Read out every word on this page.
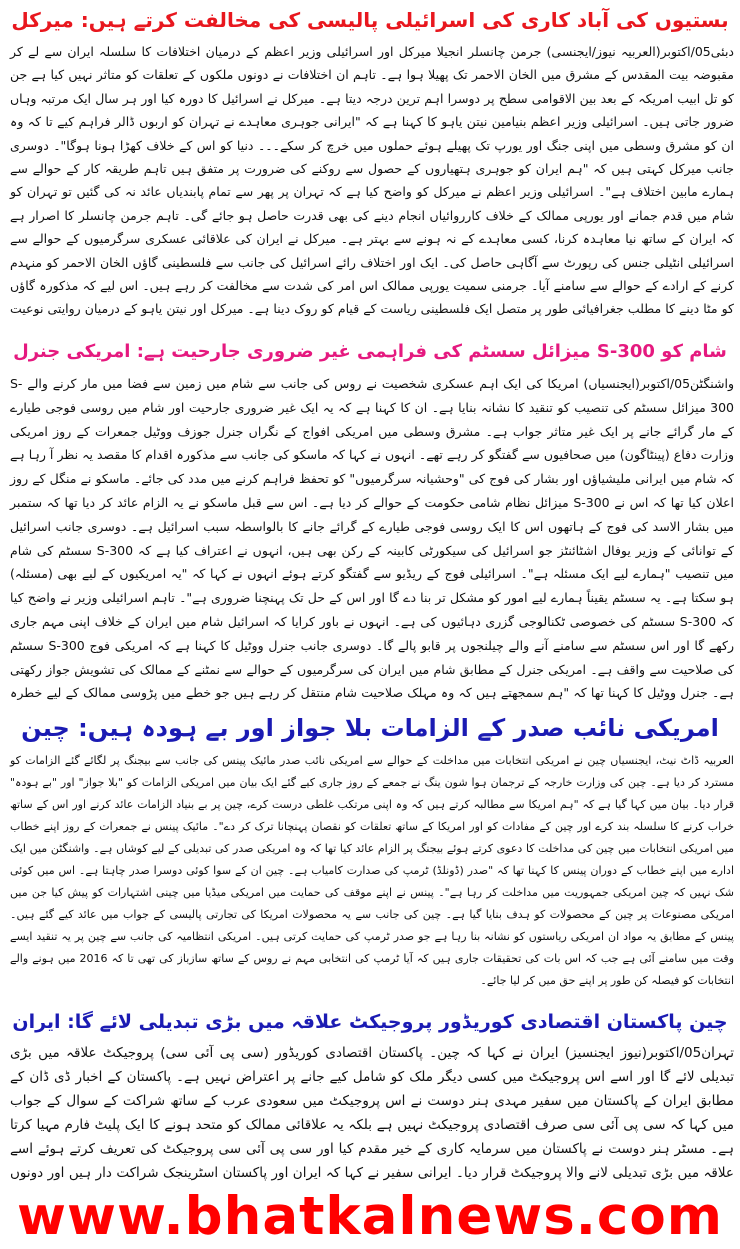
بستیوں کی آباد کاری کی اسرائیلی پالیسی کی مخالفت کرتے ہیں: میرکل

دبئی05/اکتوبر(العربیہ نیوز/ایجنسی) جرمن چانسلر انجیلا میرکل اور اسرائیلی وزیر اعظم کے درمیان اختلافات کا سلسلہ ایران سے لے کر مقبوضہ بیت المقدس کے مشرق میں الخان الاحمر تک پھیلا ہوا ہے۔ تاہم ان اختلافات نے دونوں ملکوں کے تعلقات کو متاثر نہیں کیا ہے جن کو تل ابیب امریکہ کے بعد بین الاقوامی سطح پر دوسرا اہم ترین درجہ دیتا ہے۔ میرکل نے اسرائیل کا دورہ کیا اور ہر سال ایک مرتبہ وہاں ضرور جاتی ہیں۔ اسرائیلی وزیر اعظم بنیامین نیتن یاہو کا کہنا ہے کہ "ایرانی جوہری معاہدے نے تہران کو اربوں ڈالر فراہم کیے تا کہ وہ ان کو مشرق وسطی میں اپنی جنگ اور یورپ تک پھیلے ہوئے حملوں میں خرچ کر سکے۔۔۔ دنیا کو اس کے خلاف کھڑا ہونا ہوگا"۔ دوسری جانب میرکل کہتی ہیں کہ "ہم ایران کو جوہری ہتھیاروں کے حصول سے روکنے کی ضرورت پر متفق ہیں تاہم طریقہ کار کے حوالے سے ہمارے مابین اختلاف ہے"۔ اسرائیلی وزیر اعظم نے میرکل کو واضح کیا ہے کہ تہران پر پھر سے تمام پابندیاں عائد نہ کی گئیں تو تہران کو شام میں قدم جمانے اور یورپی ممالک کے خلاف کارروائیاں انجام دینے کی بھی قدرت حاصل ہو جائے گی۔ تاہم جرمن چانسلر کا اصرار ہے کہ ایران کے ساتھ نیا معاہدہ کرنا، کسی معاہدے کے نہ ہونے سے بہتر ہے۔ میرکل نے ایران کی علاقائی عسکری سرگرمیوں کے حوالے سے اسرائیلی انٹیلی جنس کی رپورٹ سے آگاہی حاصل کی۔ ایک اور اختلاف رائے اسرائیل کی جانب سے فلسطینی گاؤں الخان الاحمر کو منہدم کرنے کے ارادے کے حوالے سے سامنے آیا۔ جرمنی سمیت یورپی ممالک اس امر کی شدت سے مخالفت کر رہے ہیں۔ اس لیے کہ مذکورہ گاؤں کو مٹا دینے کا مطلب جغرافیائی طور پر متصل ایک فلسطینی ریاست کے قیام کو روک دینا ہے۔ میرکل اور نیتن یاہو کے درمیان روایتی نوعیت

شام کو S-300 میزائل سسٹم کی فراہمی غیر ضروری جارحیت ہے: امریکی جنرل

واشنگٹن05/اکتوبر(ایجنسیاں) امریکا کی ایک اہم عسکری شخصیت نے روس کی جانب سے شام میں زمین سے فضا میں مار کرنے والے S-300 میزائل سسٹم کی تنصیب کو تنقید کا نشانہ بنایا ہے۔ ان کا کہنا ہے کہ یہ ایک غیر ضروری جارحیت اور شام میں روسی فوجی طیارے کے مار گرائے جانے پر ایک غیر متاثر جواب ہے۔ مشرق وسطی میں امریکی افواج کے نگراں جنرل جوزف ووٹیل جمعرات کے روز امریکی وزارت دفاع (پینٹاگون) میں صحافیوں سے گفتگو کر رہے تھے۔ انہوں نے کہا کہ ماسکو کی جانب سے مذکورہ اقدام کا مقصد یہ نظر آ رہا ہے کہ شام میں ایرانی ملیشیاؤں اور بشار کی فوج کی "وحشیانہ سرگرمیوں" کو تحفظ فراہم کرنے میں مدد کی جائے۔ ماسکو نے منگل کے روز اعلان کیا تھا کہ اس نے S-300 میزائل نظام شامی حکومت کے حوالے کر دیا ہے۔ اس سے قبل ماسکو نے یہ الزام عائد کر دیا تھا کہ ستمبر میں بشار الاسد کی فوج کے ہاتھوں اس کا ایک روسی فوجی طیارے کے گرائے جانے کا بالواسطہ سبب اسرائیل ہے۔ دوسری جانب اسرائیل کے توانائی کے وزیر یوفال اشٹائنٹز جو اسرائیل کی سیکورٹی کابینہ کے رکن بھی ہیں، انہوں نے اعتراف کیا ہے کہ S-300 سسٹم کی شام میں تنصیب "ہمارے لیے ایک مسئلہ ہے"۔ اسرائیلی فوج کے ریڈیو سے گفتگو کرتے ہوئے انہوں نے کہا کہ "یہ امریکیوں کے لیے بھی (مسئلہ) ہو سکتا ہے۔ یہ سسٹم یقیناً ہمارے لیے امور کو مشکل تر بنا دے گا اور اس کے حل تک پہنچنا ضروری ہے"۔ تاہم اسرائیلی وزیر نے واضح کیا کہ S-300 سسٹم کی خصوصی ٹکنالوجی گزری دہائیوں کی ہے۔ انہوں نے باور کرایا کہ اسرائیل شام میں ایران کے خلاف اپنی مہم جاری رکھے گا اور اس سسٹم سے سامنے آنے والے چیلنجوں پر قابو پالے گا۔ دوسری جانب جنرل ووٹیل کا کہنا ہے کہ امریکی فوج S-300 سسٹم کی صلاحیت سے واقف ہے۔ امریکی جنرل کے مطابق شام میں ایران کی سرگرمیوں کے حوالے سے نمٹنے کے ممالک کی تشویش جواز رکھتی ہے۔ جنرل ووٹیل کا کہنا تھا کہ "ہم سمجھتے ہیں کہ وہ مہلک صلاحیت شام منتقل کر رہے ہیں جو خطے میں پڑوسی ممالک کے لیے خطرہ

امریکی نائب صدر کے الزامات بلا جواز اور بے ہودہ ہیں: چین

العربیہ ڈاٹ نیٹ، ایجنسیاں چین نے امریکی انتخابات میں مداخلت کے حوالے سے امریکی نائب صدر مائیک پینس کی جانب سے بیجنگ پر لگائے گئے الزامات کو مسترد کر دیا ہے۔ چین کی وزارت خارجہ کے ترجمان ہوا شون ینگ نے جمعے کے روز جاری کیے گئے ایک بیان میں امریکی الزامات کو "بلا جواز" اور "بے ہودہ" قرار دیا۔ بیان میں کہا گیا ہے کہ "ہم امریکا سے مطالبہ کرتے ہیں کہ وہ اپنی مرتکب غلطی درست کرے، چین پر بے بنیاد الزامات عائد کرنے اور اس کے ساتھ خراب کرنے کا سلسلہ بند کرے اور چین کے مفادات کو اور امریکا کے ساتھ تعلقات کو نقصان پہنچانا ترک کر دے"۔ مائیک پینس نے جمعرات کے روز اپنے خطاب میں امریکی انتخابات میں چین کی مداخلت کا دعوی کرتے ہوئے بیجنگ پر الزام عائد کیا تھا کہ وہ امریکی صدر کی تبدیلی کے لیے کوشاں ہے۔ واشنگٹن میں ایک ادارے میں اپنے خطاب کے دوران پینس کا کہنا تھا کہ "صدر (ڈونلڈ) ٹرمپ کی صدارت کامیاب ہے۔ چین ان کے سوا کوئی دوسرا صدر چاہتا ہے۔ اس میں کوئی شک نہیں کہ چین امریکی جمہوریت میں مداخلت کر رہا ہے"۔ پینس نے اپنے موقف کی حمایت میں امریکی میڈیا میں چینی اشتہارات کو پیش کیا جن میں امریکی مصنوعات پر چین کے محصولات کو ہدف بنایا گیا ہے۔ چین کی جانب سے یہ محصولات امریکا کی تجارتی پالیسی کے جواب میں عائد کیے گئے ہیں۔ پینس کے مطابق یہ مواد ان امریکی ریاستوں کو نشانہ بنا رہا ہے جو صدر ٹرمپ کی حمایت کرتی ہیں۔ امریکی انتظامیہ کی جانب سے چین پر یہ تنقید ایسے وقت میں سامنے آئی ہے جب کہ اس بات کی تحقیقات جاری ہیں کہ آیا ٹرمپ کی انتخابی مہم نے روس کے ساتھ سازباز کی تھی تا کہ 2016 میں ہونے والے انتخابات کو فیصلہ کن طور پر اپنے حق میں کر لیا جائے۔

چین پاکستان اقتصادی کوریڈور پروجیکٹ علاقہ میں بڑی تبدیلی لائے گا: ایران

تہران05/اکتوبر(نیوز ایجنسیز) ایران نے کہا کہ چین۔ پاکستان اقتصادی کوریڈور (سی پی آئی سی) پروجیکٹ علاقہ میں بڑی تبدیلی لائے گا اور اسے اس پروجیکٹ میں کسی دیگر ملک کو شامل کیے جانے پر اعتراض نہیں ہے۔ پاکستان کے اخبار ڈی ڈان کے مطابق ایران کے پاکستان میں سفیر مہدی ہنر دوست نے اس پروجیکٹ میں سعودی عرب کے ساتھ شراکت کے سوال کے جواب میں کہا کہ سی پی آئی سی صرف اقتصادی پروجیکٹ نہیں ہے بلکہ یہ علاقائی ممالک کو متحد ہونے کا ایک پلیٹ فارم مہیا کرتا ہے۔ مسٹر ہنر دوست نے پاکستان میں سرمایہ کاری کے خیر مقدم کیا اور سی پی آئی سی پروجیکٹ کی تعریف کرتے ہوئے اسے علاقہ میں بڑی تبدیلی لانے والا پروجیکٹ قرار دیا۔ ایرانی سفیر نے کہا کہ ایران اور پاکستان اسٹرینجک شراکت دار ہیں اور دونوں

www.bhatkalnews.com
